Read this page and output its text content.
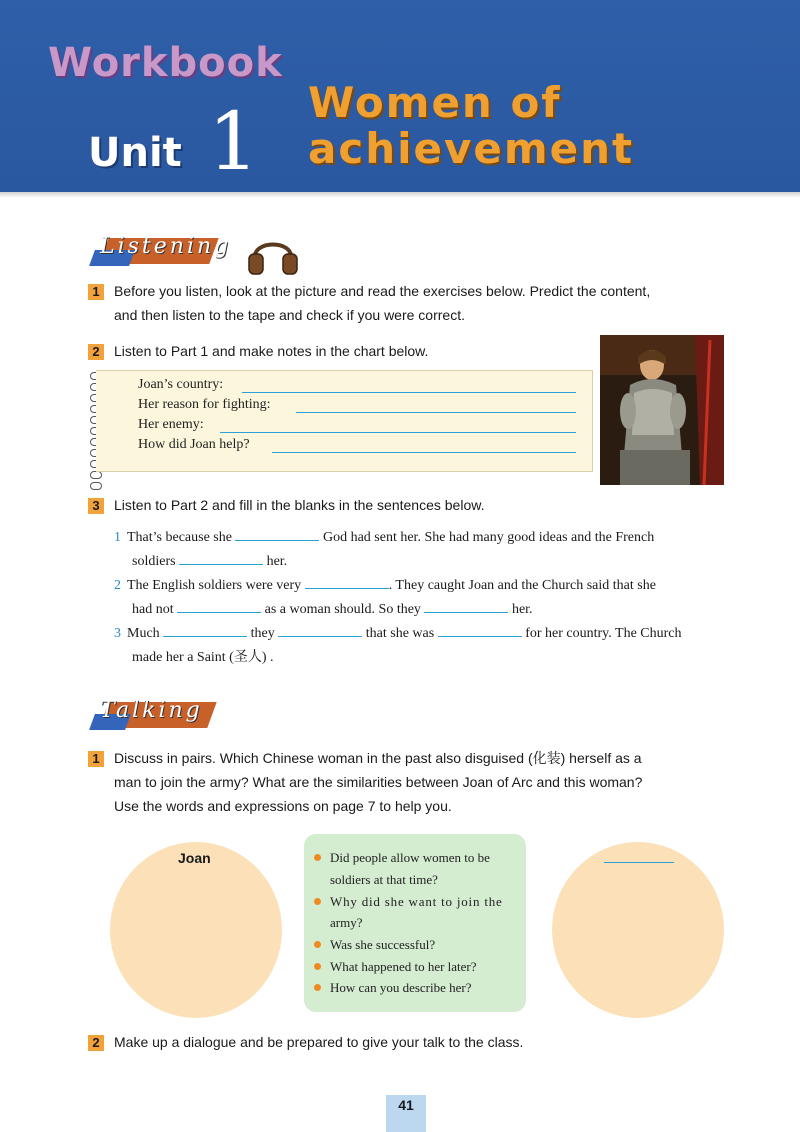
Workbook
Unit 1 Women of
achievement
Listening
1	Before you listen, look at the picture and read the exercises below. Predict the content,
and then listen to the tape and check if you were correct.
2	Listen to Part 1 and make notes in the chart below.
Joan’s country:
Her reason for fighting:
Her enemy:
How did Joan help?
3	Listen to Part 2 and fill in the blanks in the sentences below.
1 That’s because she	God had sent her. She had many good ideas and the French
soldiers	her.
2 The English soldiers were very	. They caught Joan and the Church said that she
had not	as a woman should. So they	her.
3 Much	they	that she was	for her country. The Church
made her a Saint (圣人) .
Talking
1	Discuss in pairs. Which Chinese woman in the past also disguised (化装) herself as a
man to join the army? What are the similarities between Joan of Arc and this woman?
Use the words and expressions on page 7 to help you.
Joan	Did people allow women to be
soldiers at that time?
Why did she want to join the
army?
Was she successful?
What happened to her later?
How can you describe her?
2	Make up a dialogue and be prepared to give your talk to the class.
41
